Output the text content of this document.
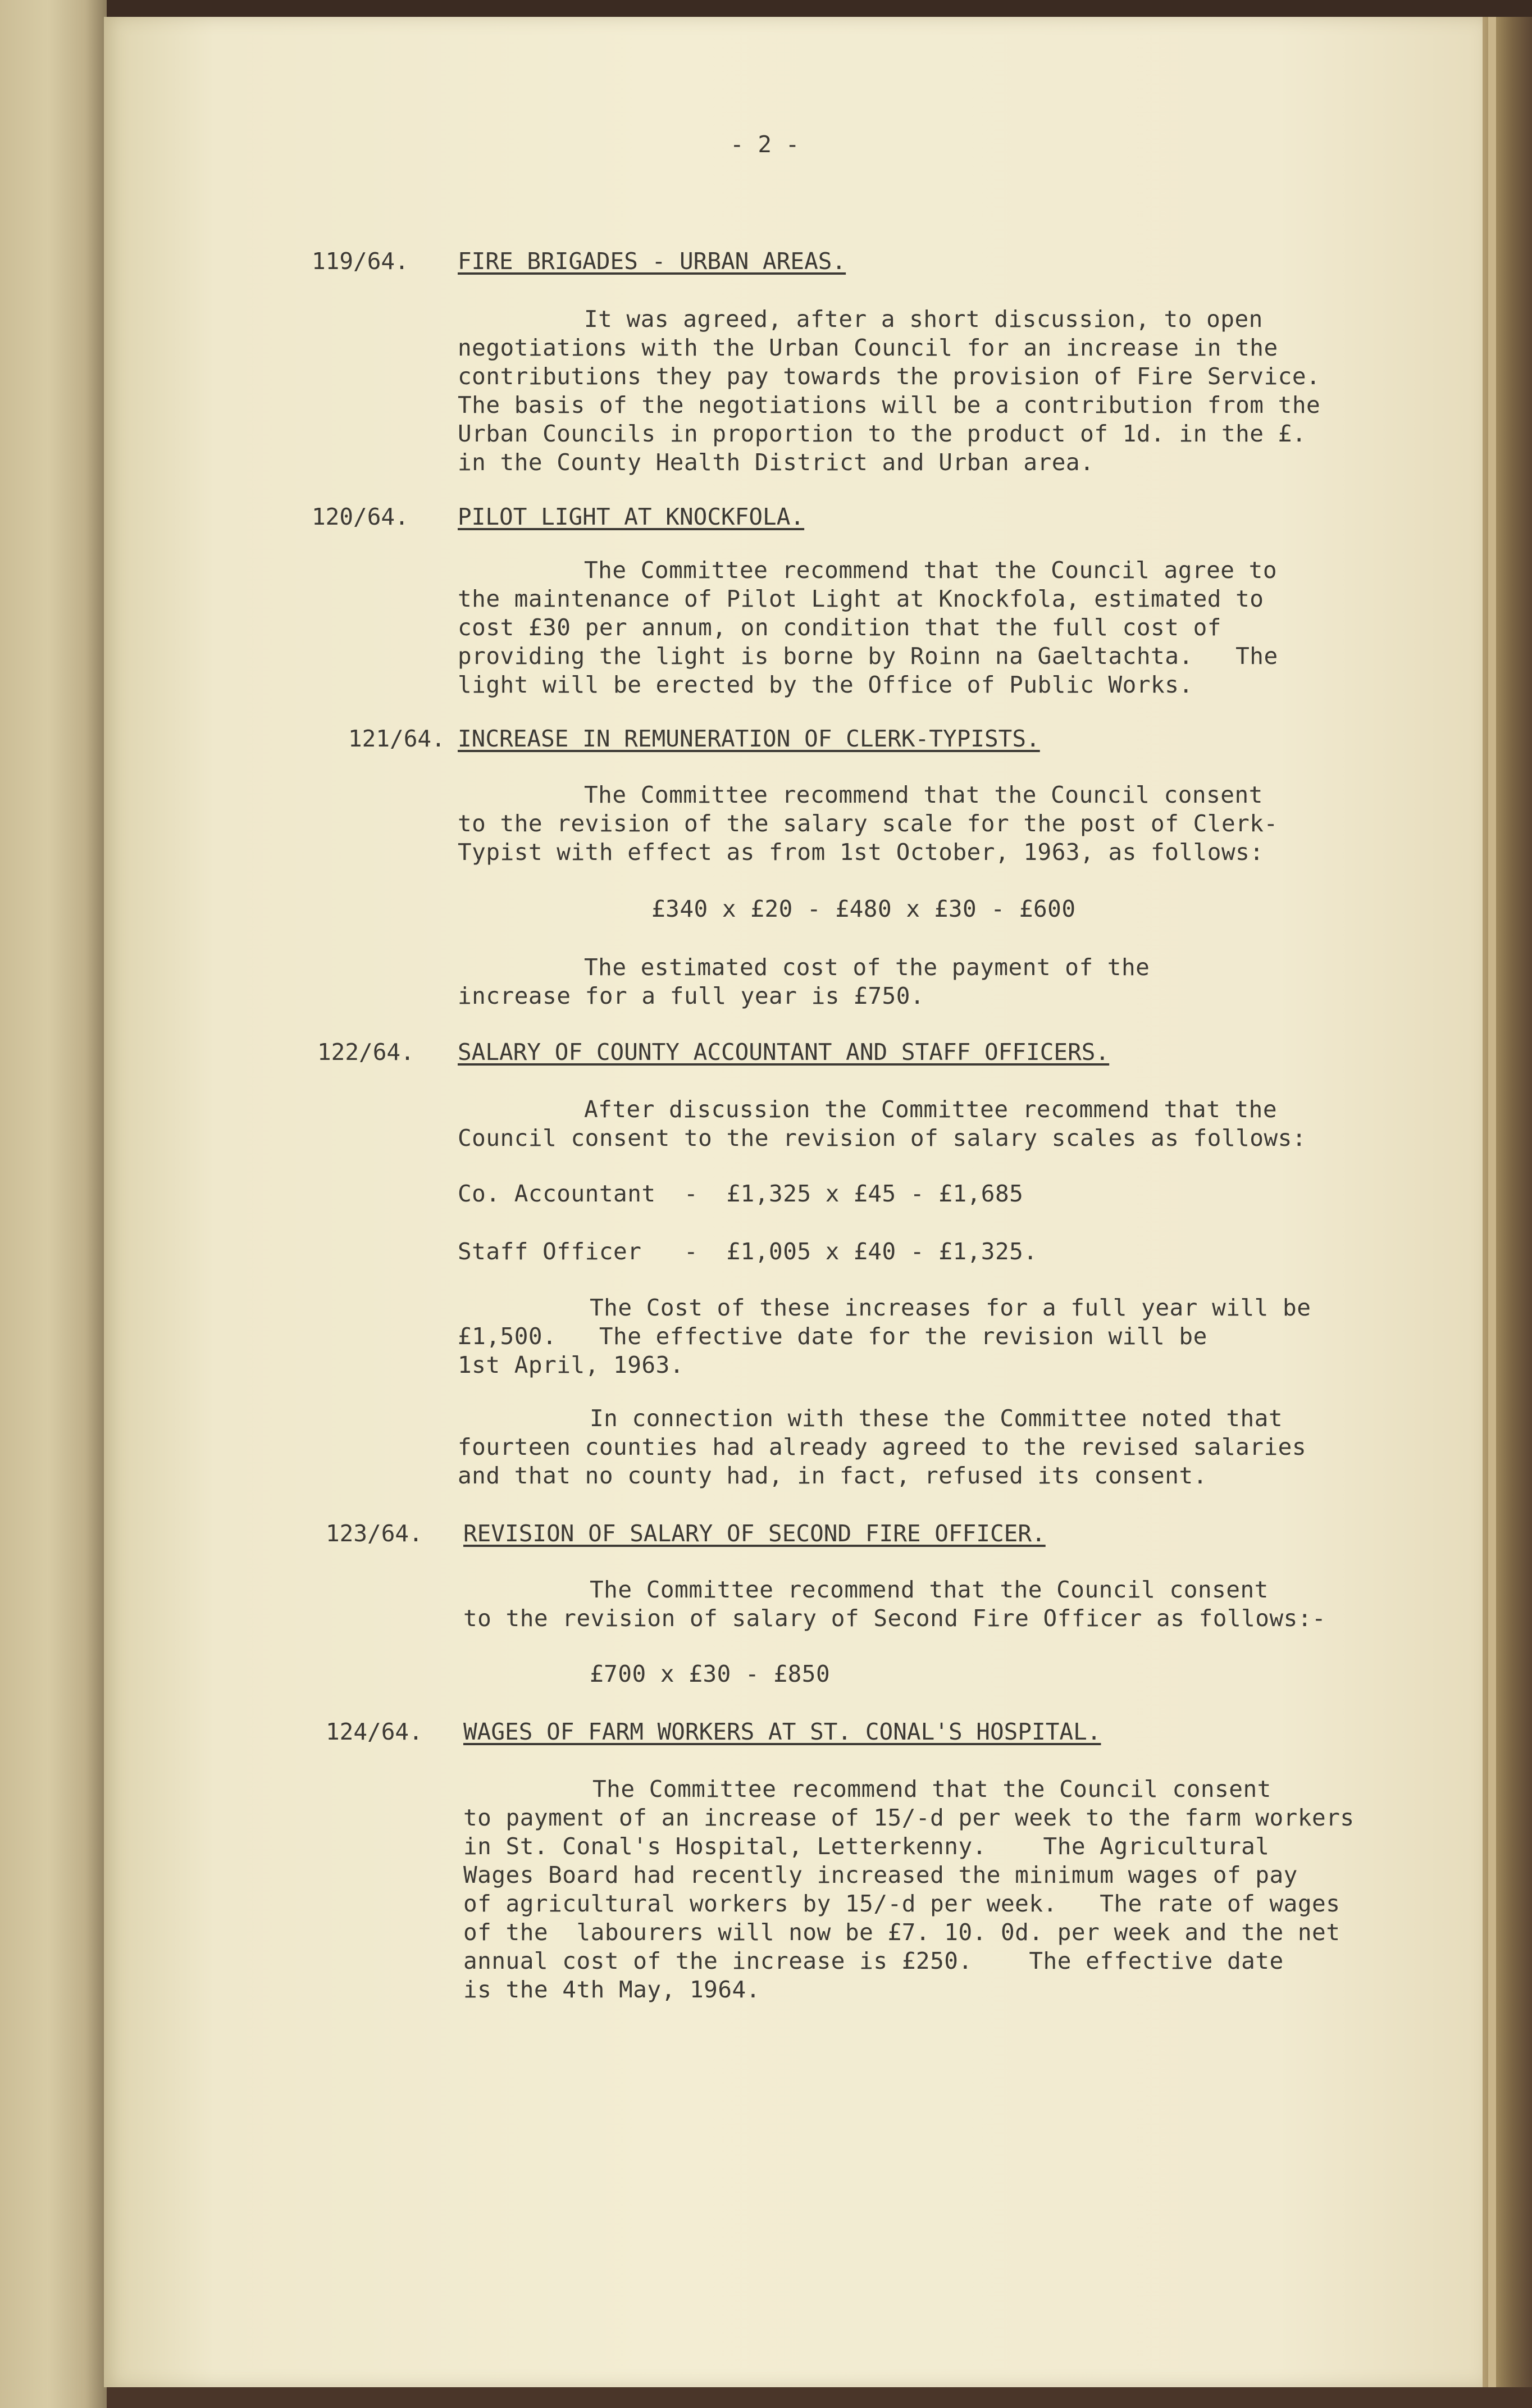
- 2 -
119/64. FIRE BRIGADES - URBAN AREAS.
It was agreed, after a short discussion, to open
negotiations with the Urban Council for an increase in the
contributions they pay towards the provision of Fire Service.
The basis of the negotiations will be a contribution from the
Urban Councils in proportion to the product of 1d. in the £.
in the County Health District and Urban area.
120/64. PILOT LIGHT AT KNOCKFOLA.
The Committee recommend that the Council agree to
the maintenance of Pilot Light at Knockfola, estimated to
cost £30 per annum, on condition that the full cost of
providing the light is borne by Roinn na Gaeltachta.   The
light will be erected by the Office of Public Works.
121/64. INCREASE IN REMUNERATION OF CLERK-TYPISTS.
The Committee recommend that the Council consent
to the revision of the salary scale for the post of Clerk-
Typist with effect as from 1st October, 1963, as follows:
£340 x £20 - £480 x £30 - £600
The estimated cost of the payment of the
increase for a full year is £750.
122/64. SALARY OF COUNTY ACCOUNTANT AND STAFF OFFICERS.
After discussion the Committee recommend that the
Council consent to the revision of salary scales as follows:
Co. Accountant  -  £1,325 x £45 - £1,685
Staff Officer   -  £1,005 x £40 - £1,325.
The Cost of these increases for a full year will be
£1,500.   The effective date for the revision will be
1st April, 1963.
In connection with these the Committee noted that
fourteen counties had already agreed to the revised salaries
and that no county had, in fact, refused its consent.
123/64. REVISION OF SALARY OF SECOND FIRE OFFICER.
The Committee recommend that the Council consent
to the revision of salary of Second Fire Officer as follows:-
£700 x £30 - £850
124/64. WAGES OF FARM WORKERS AT ST. CONAL'S HOSPITAL.
The Committee recommend that the Council consent
to payment of an increase of 15/-d per week to the farm workers
in St. Conal's Hospital, Letterkenny.    The Agricultural
Wages Board had recently increased the minimum wages of pay
of agricultural workers by 15/-d per week.   The rate of wages
of the  labourers will now be £7. 10. 0d. per week and the net
annual cost of the increase is £250.    The effective date
is the 4th May, 1964.
